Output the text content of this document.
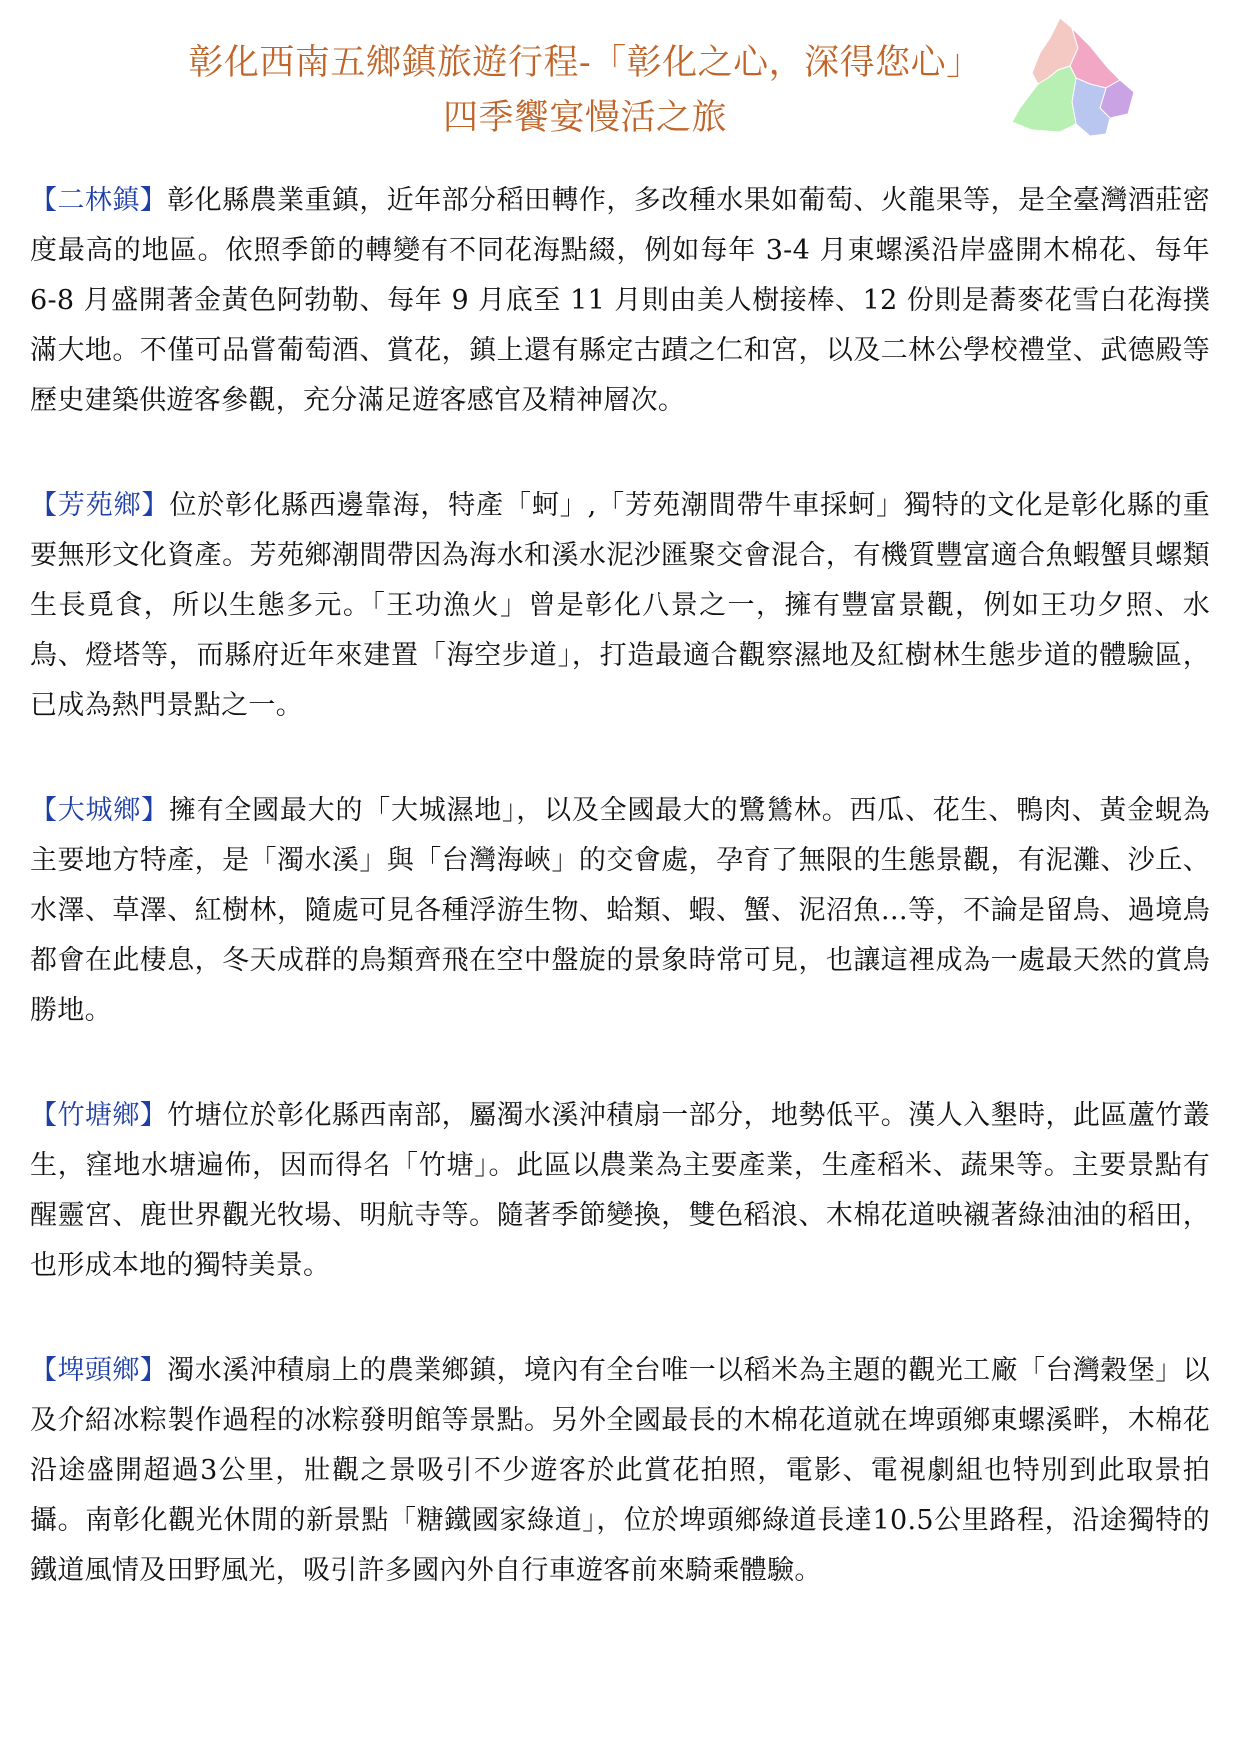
彰化西南五鄉鎮旅遊行程-「彰化之心，深得您心」
四季饗宴慢活之旅

【二林鎮】彰化縣農業重鎮，近年部分稻田轉作，多改種水果如葡萄、火龍果等，是全臺灣酒莊密度最高的地區。依照季節的轉變有不同花海點綴，例如每年 3-4 月東螺溪沿岸盛開木棉花、每年 6-8 月盛開著金黃色阿勃勒、每年 9 月底至 11 月則由美人樹接棒、12 份則是蕎麥花雪白花海撲滿大地。不僅可品嘗葡萄酒、賞花，鎮上還有縣定古蹟之仁和宮，以及二林公學校禮堂、武德殿等歷史建築供遊客參觀，充分滿足遊客感官及精神層次。

【芳苑鄉】位於彰化縣西邊靠海，特產「蚵」,「芳苑潮間帶牛車採蚵」獨特的文化是彰化縣的重要無形文化資產。芳苑鄉潮間帶因為海水和溪水泥沙匯聚交會混合，有機質豐富適合魚蝦蟹貝螺類生長覓食，所以生態多元。「王功漁火」曾是彰化八景之一，擁有豐富景觀，例如王功夕照、水鳥、燈塔等，而縣府近年來建置「海空步道」，打造最適合觀察濕地及紅樹林生態步道的體驗區，已成為熱門景點之一。

【大城鄉】擁有全國最大的「大城濕地」，以及全國最大的鷺鷥林。西瓜、花生、鴨肉、黃金蜆為主要地方特產，是「濁水溪」與「台灣海峽」的交會處，孕育了無限的生態景觀，有泥灘、沙丘、水澤、草澤、紅樹林，隨處可見各種浮游生物、蛤類、蝦、蟹、泥沼魚…等，不論是留鳥、過境鳥都會在此棲息，冬天成群的鳥類齊飛在空中盤旋的景象時常可見，也讓這裡成為一處最天然的賞鳥勝地。

【竹塘鄉】竹塘位於彰化縣西南部，屬濁水溪沖積扇一部分，地勢低平。漢人入墾時，此區蘆竹叢生，窪地水塘遍佈，因而得名「竹塘」。此區以農業為主要產業，生產稻米、蔬果等。主要景點有醒靈宮、鹿世界觀光牧場、明航寺等。隨著季節變換，雙色稻浪、木棉花道映襯著綠油油的稻田，也形成本地的獨特美景。

【埤頭鄉】濁水溪沖積扇上的農業鄉鎮，境內有全台唯一以稻米為主題的觀光工廠「台灣穀堡」以及介紹冰粽製作過程的冰粽發明館等景點。另外全國最長的木棉花道就在埤頭鄉東螺溪畔，木棉花沿途盛開超過3公里，壯觀之景吸引不少遊客於此賞花拍照，電影、電視劇組也特別到此取景拍攝。南彰化觀光休閒的新景點「糖鐵國家綠道」，位於埤頭鄉綠道長達10.5公里路程，沿途獨特的鐵道風情及田野風光，吸引許多國內外自行車遊客前來騎乘體驗。
